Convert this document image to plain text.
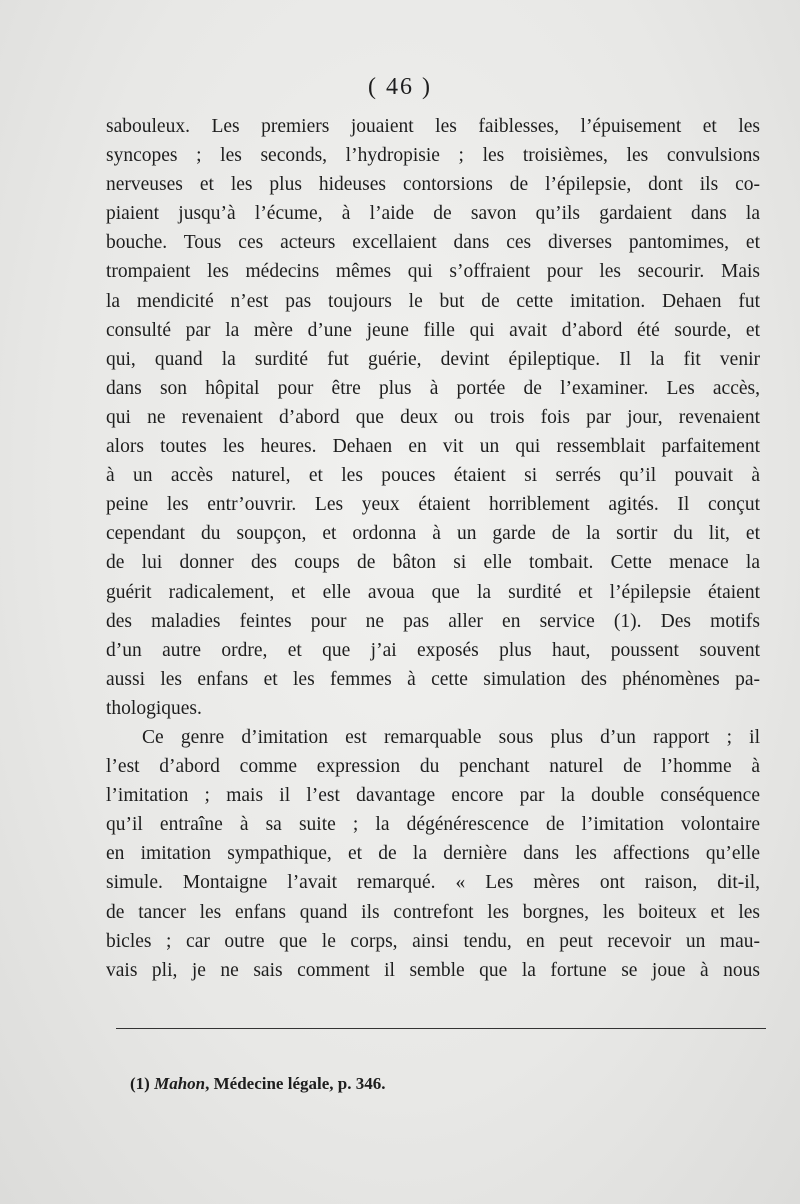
( 46 )
sabouleux. Les premiers jouaient les faiblesses, l’épuisement et les
syncopes ; les seconds, l’hydropisie ; les troisièmes, les convulsions
nerveuses et les plus hideuses contorsions de l’épilepsie, dont ils co-
piaient jusqu’à l’écume, à l’aide de savon qu’ils gardaient dans la
bouche. Tous ces acteurs excellaient dans ces diverses pantomimes, et
trompaient les médecins mêmes qui s’offraient pour les secourir. Mais
la mendicité n’est pas toujours le but de cette imitation. Dehaen fut
consulté par la mère d’une jeune fille qui avait d’abord été sourde, et
qui, quand la surdité fut guérie, devint épileptique. Il la fit venir
dans son hôpital pour être plus à portée de l’examiner. Les accès,
qui ne revenaient d’abord que deux ou trois fois par jour, revenaient
alors toutes les heures. Dehaen en vit un qui ressemblait parfaitement
à un accès naturel, et les pouces étaient si serrés qu’il pouvait à
peine les entr’ouvrir. Les yeux étaient horriblement agités. Il conçut
cependant du soupçon, et ordonna à un garde de la sortir du lit, et
de lui donner des coups de bâton si elle tombait. Cette menace la
guérit radicalement, et elle avoua que la surdité et l’épilepsie étaient
des maladies feintes pour ne pas aller en service (1). Des motifs
d’un autre ordre, et que j’ai exposés plus haut, poussent souvent
aussi les enfans et les femmes à cette simulation des phénomènes pa-
thologiques.
Ce genre d’imitation est remarquable sous plus d’un rapport ; il
l’est d’abord comme expression du penchant naturel de l’homme à
l’imitation ; mais il l’est davantage encore par la double conséquence
qu’il entraîne à sa suite ; la dégénérescence de l’imitation volontaire
en imitation sympathique, et de la dernière dans les affections qu’elle
simule. Montaigne l’avait remarqué. « Les mères ont raison, dit-il,
de tancer les enfans quand ils contrefont les borgnes, les boiteux et les
bicles ; car outre que le corps, ainsi tendu, en peut recevoir un mau-
vais pli, je ne sais comment il semble que la fortune se joue à nous
(1) Mahon, Médecine légale, p. 346.
